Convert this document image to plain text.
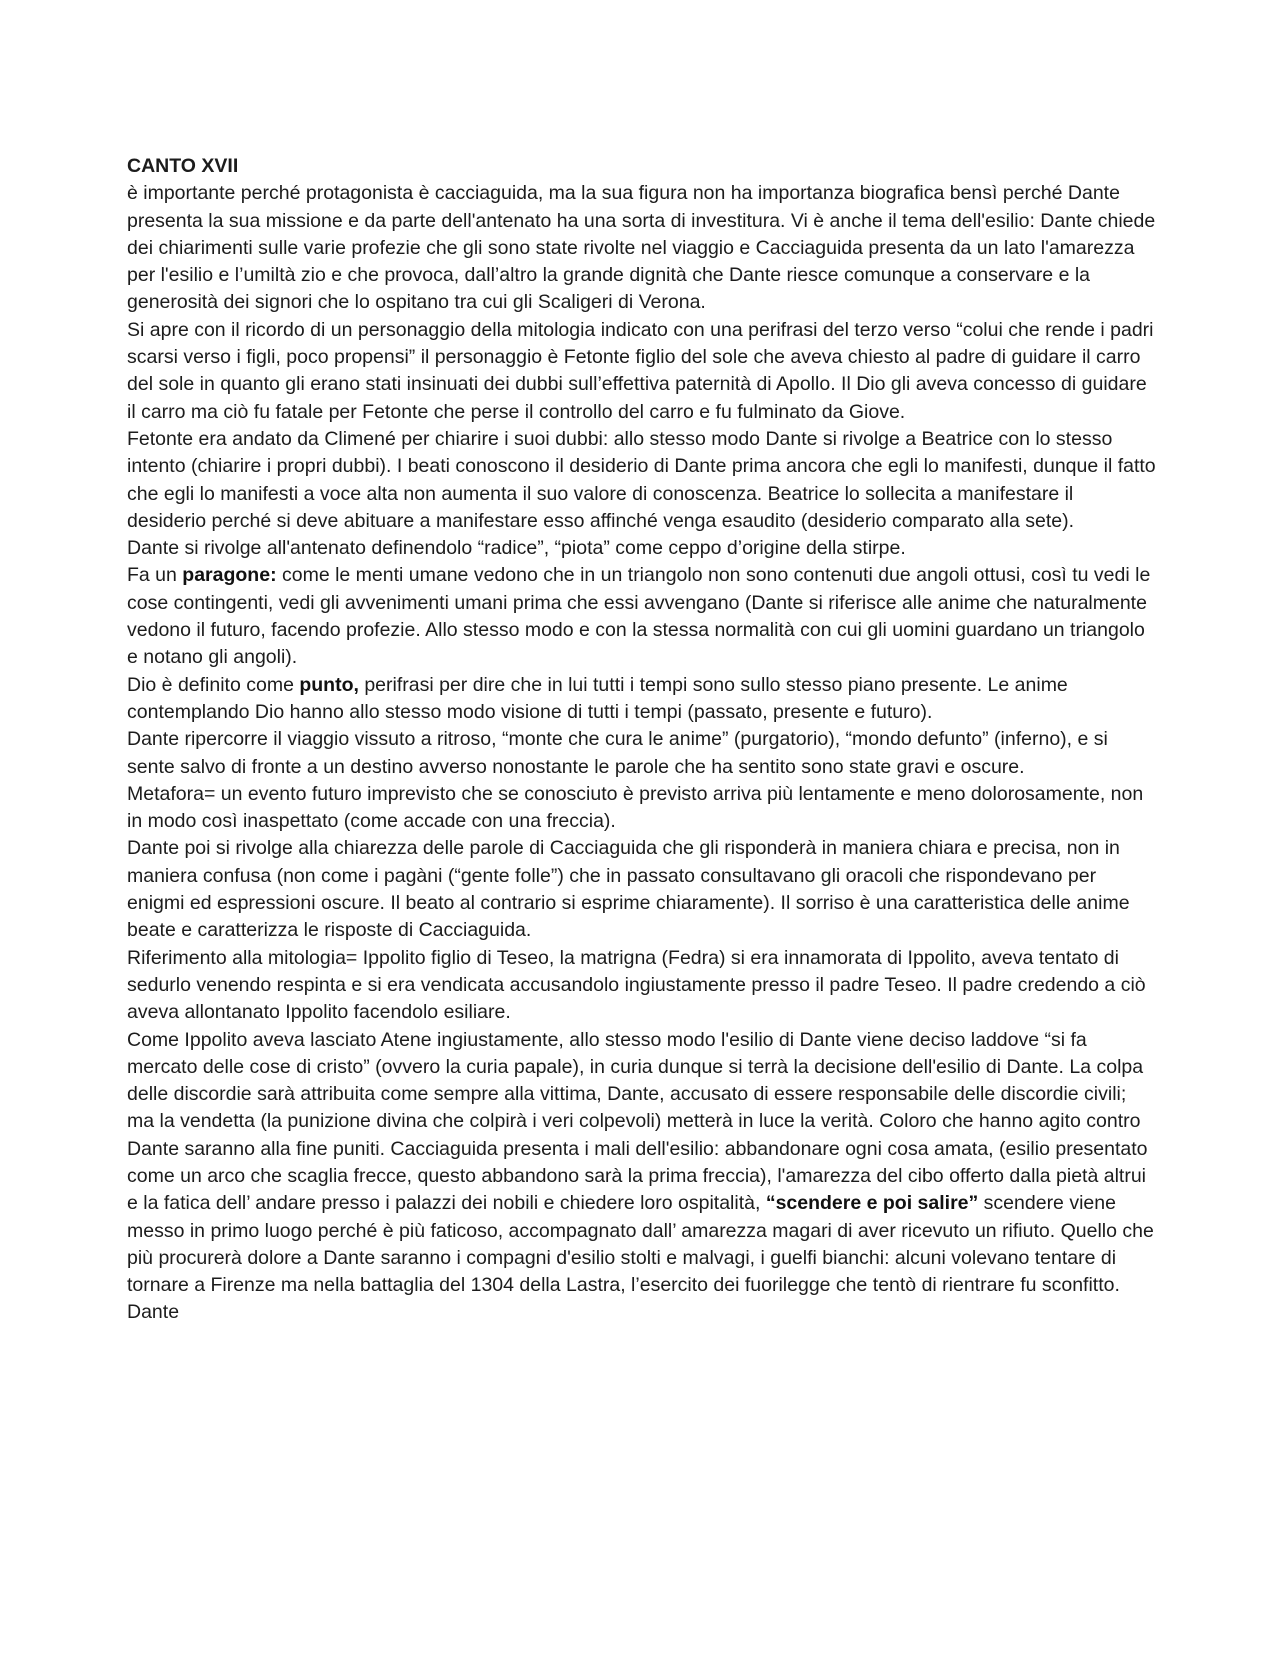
CANTO XVII
è importante perché protagonista è cacciaguida, ma la sua figura non ha importanza biografica bensì perché Dante presenta la sua missione e da parte dell'antenato ha una sorta di investitura. Vi è anche il tema dell'esilio: Dante chiede dei chiarimenti sulle varie profezie che gli sono state rivolte nel viaggio e Cacciaguida presenta da un lato l'amarezza per l'esilio e l’umiltà zio e che provoca, dall’altro la grande dignità che Dante riesce comunque a conservare e la generosità dei signori che lo ospitano tra cui gli Scaligeri di Verona.
Si apre con il ricordo di un personaggio della mitologia indicato con una perifrasi del terzo verso “colui che rende i padri scarsi verso i figli, poco propensi” il personaggio è Fetonte figlio del sole che aveva chiesto al padre di guidare il carro del sole in quanto gli erano stati insinuati dei dubbi sull’effettiva paternità di Apollo. Il Dio gli aveva concesso di guidare il carro ma ciò fu fatale per Fetonte che perse il controllo del carro e fu fulminato da Giove.
Fetonte era andato da Climené per chiarire i suoi dubbi: allo stesso modo Dante si rivolge a Beatrice con lo stesso intento (chiarire i propri dubbi). I beati conoscono il desiderio di Dante prima ancora che egli lo manifesti, dunque il fatto che egli lo manifesti a voce alta non aumenta il suo valore di conoscenza. Beatrice lo sollecita a manifestare il desiderio perché si deve abituare a manifestare esso affinché venga esaudito (desiderio comparato alla sete).
Dante si rivolge all'antenato definendolo “radice”, “piota” come ceppo d’origine della stirpe.
Fa un paragone: come le menti umane vedono che in un triangolo non sono contenuti due angoli ottusi, così tu vedi le cose contingenti, vedi gli avvenimenti umani prima che essi avvengano (Dante si riferisce alle anime che naturalmente vedono il futuro, facendo profezie. Allo stesso modo e con la stessa normalità con cui gli uomini guardano un triangolo e notano gli angoli).
Dio è definito come punto, perifrasi per dire che in lui tutti i tempi sono sullo stesso piano presente. Le anime contemplando Dio hanno allo stesso modo visione di tutti i tempi (passato, presente e futuro).
Dante ripercorre il viaggio vissuto a ritroso, “monte che cura le anime” (purgatorio), “mondo defunto” (inferno), e si sente salvo di fronte a un destino avverso nonostante le parole che ha sentito sono state gravi e oscure.
Metafora= un evento futuro imprevisto che se conosciuto è previsto arriva più lentamente e meno dolorosamente, non in modo così inaspettato (come accade con una freccia).
Dante poi si rivolge alla chiarezza delle parole di Cacciaguida che gli risponderà in maniera chiara e precisa, non in maniera confusa (non come i pagàni (“gente folle”) che in passato consultavano gli oracoli che rispondevano per enigmi ed espressioni oscure. Il beato al contrario si esprime chiaramente). Il sorriso è una caratteristica delle anime beate e caratterizza le risposte di Cacciaguida.
Riferimento alla mitologia= Ippolito figlio di Teseo, la matrigna (Fedra) si era innamorata di Ippolito, aveva tentato di sedurlo venendo respinta e si era vendicata accusandolo ingiustamente presso il padre Teseo. Il padre credendo a ciò aveva allontanato Ippolito facendolo esiliare.
Come Ippolito aveva lasciato Atene ingiustamente, allo stesso modo l'esilio di Dante viene deciso laddove “si fa mercato delle cose di cristo” (ovvero la curia papale), in curia dunque si terrà la decisione dell'esilio di Dante. La colpa delle discordie sarà attribuita come sempre alla vittima, Dante, accusato di essere responsabile delle discordie civili; ma la vendetta (la punizione divina che colpirà i veri colpevoli) metterà in luce la verità. Coloro che hanno agito contro Dante saranno alla fine puniti. Cacciaguida presenta i mali dell'esilio: abbandonare ogni cosa amata, (esilio presentato come un arco che scaglia frecce, questo abbandono sarà la prima freccia), l'amarezza del cibo offerto dalla pietà altrui e la fatica dell’ andare presso i palazzi dei nobili e chiedere loro ospitalità, “scendere e poi salire” scendere viene messo in primo luogo perché è più faticoso, accompagnato dall’ amarezza magari di aver ricevuto un rifiuto. Quello che più procurerà dolore a Dante saranno i compagni d'esilio stolti e malvagi, i guelfi bianchi: alcuni volevano tentare di tornare a Firenze ma nella battaglia del 1304 della Lastra, l’esercito dei fuorilegge che tentò di rientrare fu sconfitto. Dante
